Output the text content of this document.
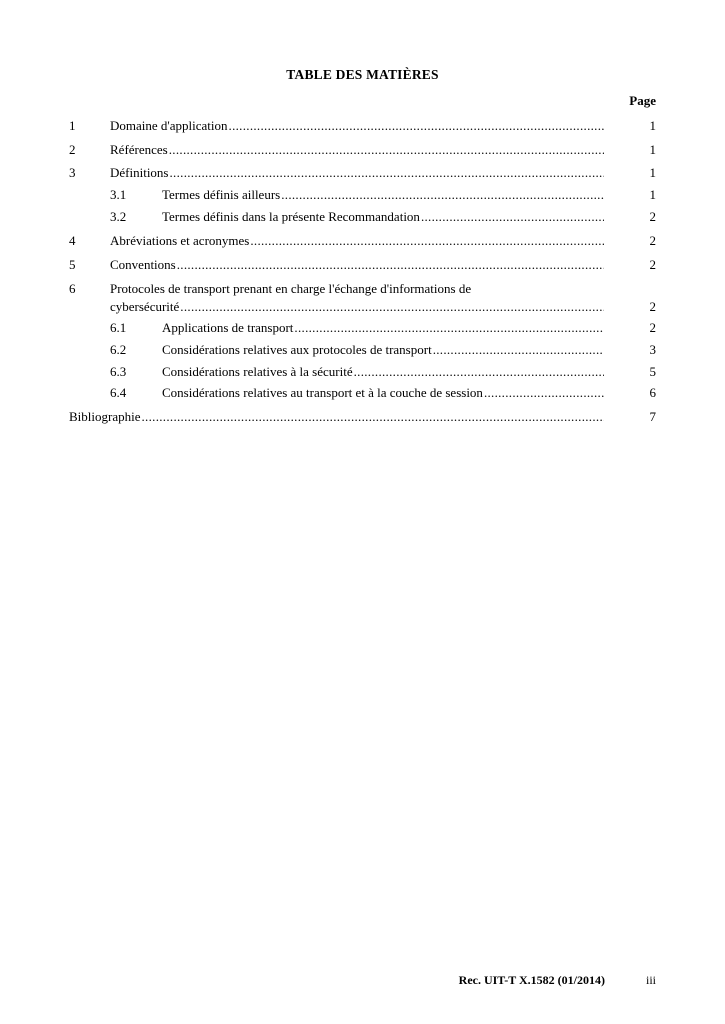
TABLE DES MATIÈRES
Page
1	Domaine d'application .....	1
2	Références .....	1
3	Définitions .....	1
3.1	Termes définis ailleurs .....	1
3.2	Termes définis dans la présente Recommandation .....	2
4	Abréviations et acronymes .....	2
5	Conventions .....	2
6	Protocoles de transport prenant en charge l'échange d'informations de
cybersécurité .....	2
6.1	Applications de transport .....	2
6.2	Considérations relatives aux protocoles de transport .....	3
6.3	Considérations relatives à la sécurité .....	5
6.4	Considérations relatives au transport et à la couche de session .....	6
Bibliographie .....	7
Rec. UIT-T X.1582 (01/2014)	iii
